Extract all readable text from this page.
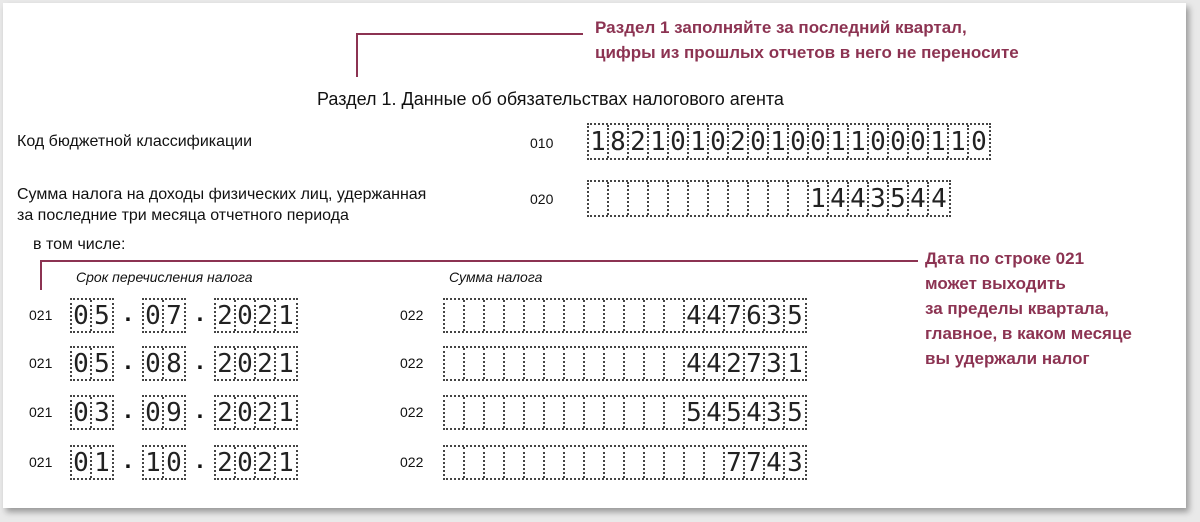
Раздел 1 заполняйте за последний квартал,
цифры из прошлых отчетов в него не переносите
Раздел 1. Данные об обязательствах налогового агента
Код бюджетной классификации	010 1 8 2 1 0 1 0 2 0 1 0 0 1 1 0 0 0 1 1 0
Сумма налога на доходы физических лиц, удержанная
за последние три месяца отчетного периода
020	1 4 4 3 5 4 4
в том числе:
Дата по строке 021
может выходить
за пределы квартала,
главное, в каком месяце
вы удержали налог
Срок перечисления налога	Сумма налога
021 0 5 . 0 7 . 2 0 2 1	022	4 4 7 6 3 5
021 0 5 . 0 8 . 2 0 2 1	022	4 4 2 7 3 1
021 0 3 . 0 9 . 2 0 2 1	022	5 4 5 4 3 5
021 0 1 . 1 0 . 2 0 2 1	022	7 7 4 3
